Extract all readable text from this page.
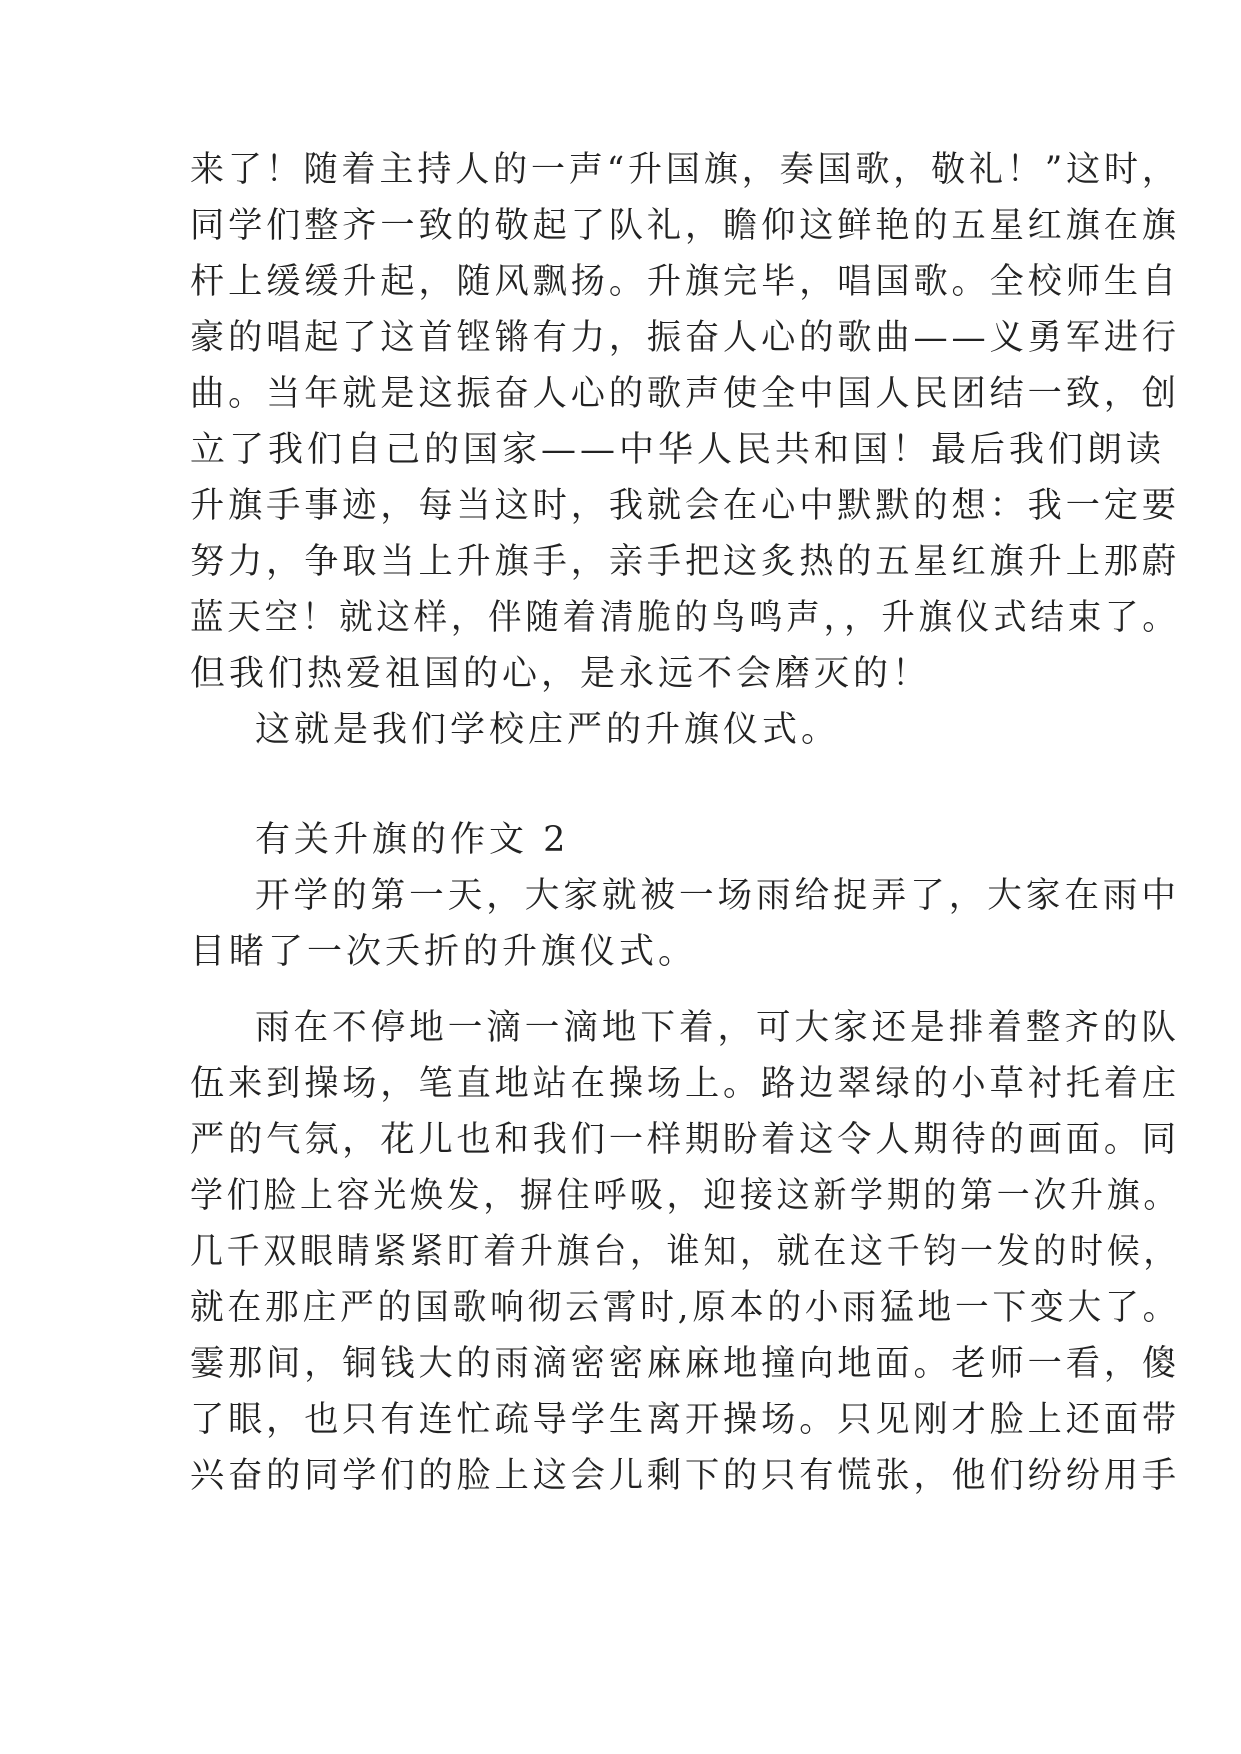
来了！随着主持人的一声“升国旗，奏国歌，敬礼！”这时，
同学们整齐一致的敬起了队礼，瞻仰这鲜艳的五星红旗在旗
杆上缓缓升起，随风飘扬。升旗完毕，唱国歌。全校师生自
豪的唱起了这首铿锵有力，振奋人心的歌曲——义勇军进行
曲。当年就是这振奋人心的歌声使全中国人民团结一致，创
立了我们自己的国家——中华人民共和国！最后我们朗读
升旗手事迹，每当这时，我就会在心中默默的想：我一定要
努力，争取当上升旗手，亲手把这炙热的五星红旗升上那蔚
蓝天空！就这样，伴随着清脆的鸟鸣声，，升旗仪式结束了。
但我们热爱祖国的心，是永远不会磨灭的！
这就是我们学校庄严的升旗仪式。
有关升旗的作文 2
开学的第一天，大家就被一场雨给捉弄了，大家在雨中
目睹了一次夭折的升旗仪式。
雨在不停地一滴一滴地下着，可大家还是排着整齐的队
伍来到操场，笔直地站在操场上。路边翠绿的小草衬托着庄
严的气氛，花儿也和我们一样期盼着这令人期待的画面。同
学们脸上容光焕发，摒住呼吸，迎接这新学期的第一次升旗。
几千双眼睛紧紧盯着升旗台，谁知，就在这千钧一发的时候，
就在那庄严的国歌响彻云霄时,原本的小雨猛地一下变大了。
霎那间，铜钱大的雨滴密密麻麻地撞向地面。老师一看，傻
了眼，也只有连忙疏导学生离开操场。只见刚才脸上还面带
兴奋的同学们的脸上这会儿剩下的只有慌张，他们纷纷用手
